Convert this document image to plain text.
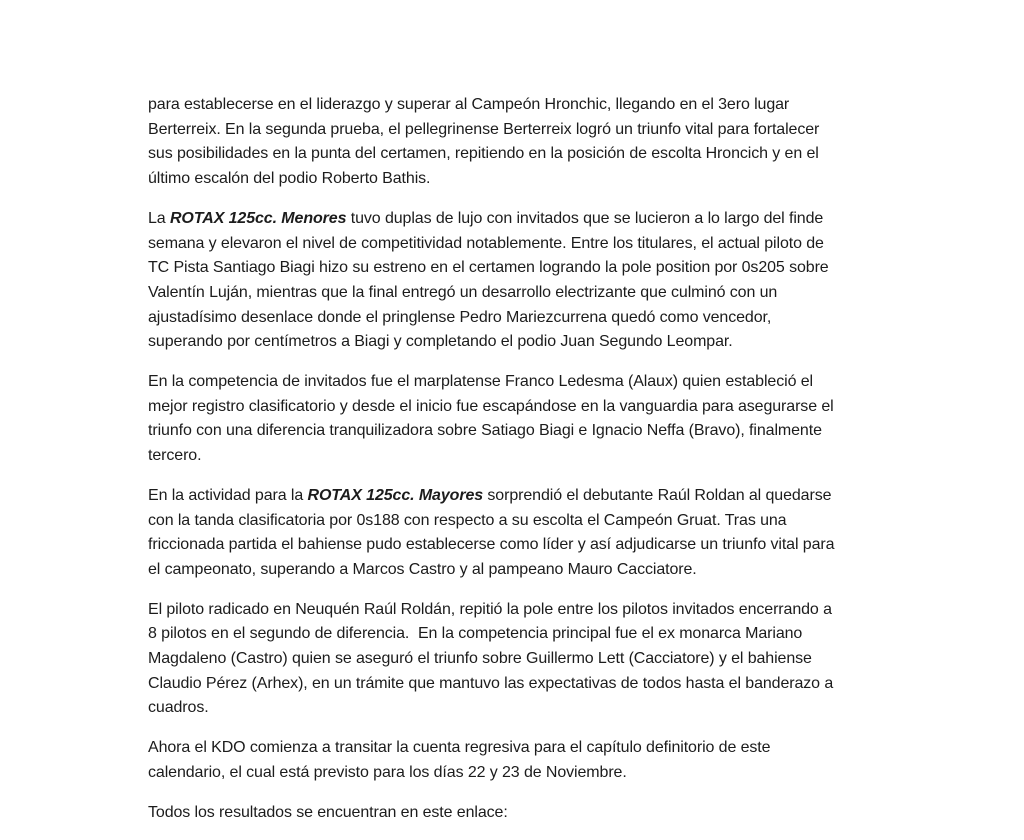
para establecerse en el liderazgo y superar al Campeón Hronchic, llegando en el 3ero lugar
Berterreix. En la segunda prueba, el pellegrinense Berterreix logró un triunfo vital para fortalecer
sus posibilidades en la punta del certamen, repitiendo en la posición de escolta Hroncich y en el
último escalón del podio Roberto Bathis.

La ROTAX 125cc. Menores tuvo duplas de lujo con invitados que se lucieron a lo largo del finde
semana y elevaron el nivel de competitividad notablemente. Entre los titulares, el actual piloto de
TC Pista Santiago Biagi hizo su estreno en el certamen logrando la pole position por 0s205 sobre
Valentín Luján, mientras que la final entregó un desarrollo electrizante que culminó con un
ajustadísimo desenlace donde el pringlense Pedro Mariezcurrena quedó como vencedor,
superando por centímetros a Biagi y completando el podio Juan Segundo Leompar.

En la competencia de invitados fue el marplatense Franco Ledesma (Alaux) quien estableció el
mejor registro clasificatorio y desde el inicio fue escapándose en la vanguardia para asegurarse el
triunfo con una diferencia tranquilizadora sobre Satiago Biagi e Ignacio Neffa (Bravo), finalmente
tercero.

En la actividad para la ROTAX 125cc. Mayores sorprendió el debutante Raúl Roldan al quedarse
con la tanda clasificatoria por 0s188 con respecto a su escolta el Campeón Gruat. Tras una
friccionada partida el bahiense pudo establecerse como líder y así adjudicarse un triunfo vital para
el campeonato, superando a Marcos Castro y al pampeano Mauro Cacciatore.

El piloto radicado en Neuquén Raúl Roldán, repitió la pole entre los pilotos invitados encerrando a
8 pilotos en el segundo de diferencia.  En la competencia principal fue el ex monarca Mariano
Magdaleno (Castro) quien se aseguró el triunfo sobre Guillermo Lett (Cacciatore) y el bahiense
Claudio Pérez (Arhex), en un trámite que mantuvo las expectativas de todos hasta el banderazo a
cuadros.

Ahora el KDO comienza a transitar la cuenta regresiva para el capítulo definitorio de este
calendario, el cual está previsto para los días 22 y 23 de Noviembre.

Todos los resultados se encuentran en este enlace:
